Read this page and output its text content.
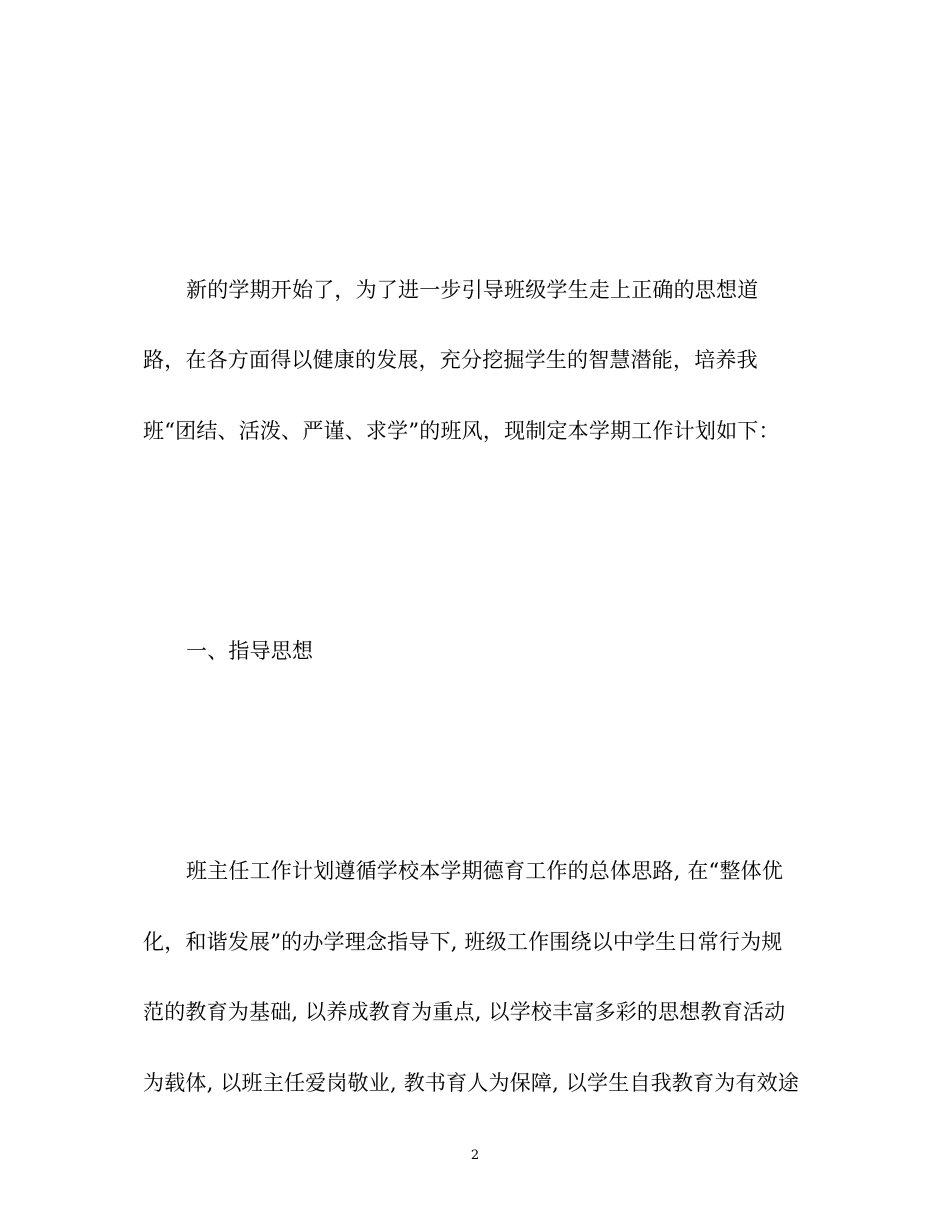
新的学期开始了，为了进一步引导班级学生走上正确的思想道
路，在各方面得以健康的发展，充分挖掘学生的智慧潜能，培养我
班“团结、活泼、严谨、求学”的班风，现制定本学期工作计划如下：
一、指导思想
班主任工作计划遵循学校本学期德育工作的总体思路, 在“整体优
化，和谐发展”的办学理念指导下, 班级工作围绕以中学生日常行为规
范的教育为基础, 以养成教育为重点, 以学校丰富多彩的思想教育活动
为载体, 以班主任爱岗敬业, 教书育人为保障, 以学生自我教育为有效途
2
